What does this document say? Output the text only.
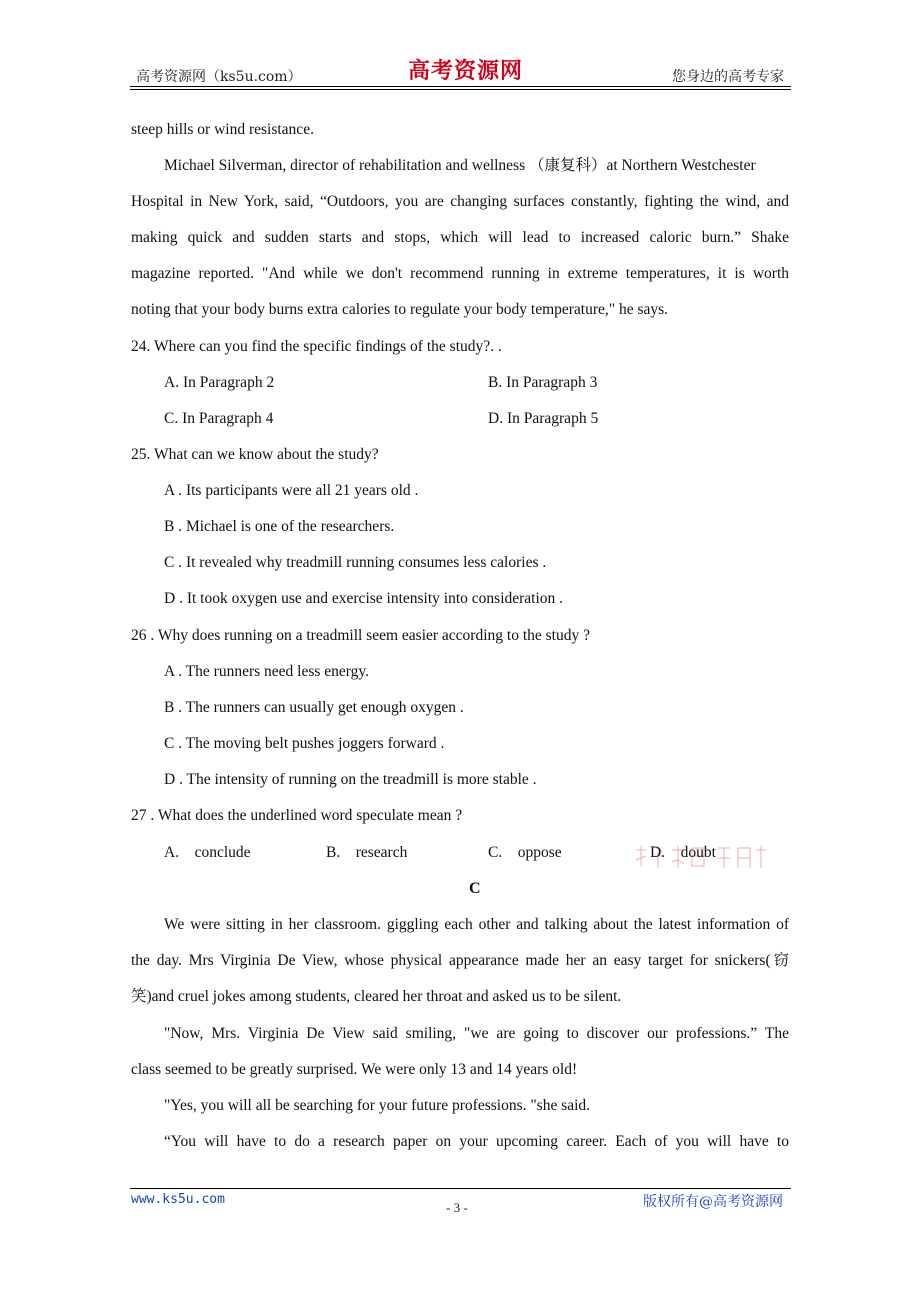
高考资源网（ks5u.com）	高考资源网	您身边的高考专家
steep hills or wind resistance.
Michael Silverman, director of rehabilitation and wellness （康复科）at Northern Westchester
Hospital in New York, said, “Outdoors, you are changing surfaces constantly, fighting the wind, and
making quick and sudden starts and stops, which will lead to increased caloric burn.” Shake
magazine reported. "And while we don't recommend running in extreme temperatures, it is worth
noting that your body burns extra calories to regulate your body temperature," he says.
24. Where can you find the specific findings of the study?. .
A. In Paragraph 2	B. In Paragraph 3
C. In Paragraph 4	D. In Paragraph 5
25. What can we know about the study?
A . Its participants were all 21 years old .
B . Michael is one of the researchers.
C . It revealed why treadmill running consumes less calories .
D . It took oxygen use and exercise intensity into consideration .
26 . Why does running on a treadmill seem easier according to the study ?
A . The runners need less energy.
B . The runners can usually get enough oxygen .
C . The moving belt pushes joggers forward .
D . The intensity of running on the treadmill is more stable .
27 . What does the underlined word speculate mean ?
A.    conclude	B.    research	C.    oppose	D.    doubt
C
We were sitting in her classroom. giggling each other and talking about the latest information of
the day. Mrs Virginia De View, whose physical appearance made her an easy target for snickers(窃
笑)and cruel jokes among students, cleared her throat and asked us to be silent.
"Now, Mrs. Virginia De View said smiling, "we are going to discover our professions.” The
class seemed to be greatly surprised. We were only 13 and 14 years old!
"Yes, you will all be searching for your future professions. "she said.
“You will have to do a research paper on your upcoming career. Each of you will have to
www.ks5u.com
- 3 -	版权所有@高考资源网
